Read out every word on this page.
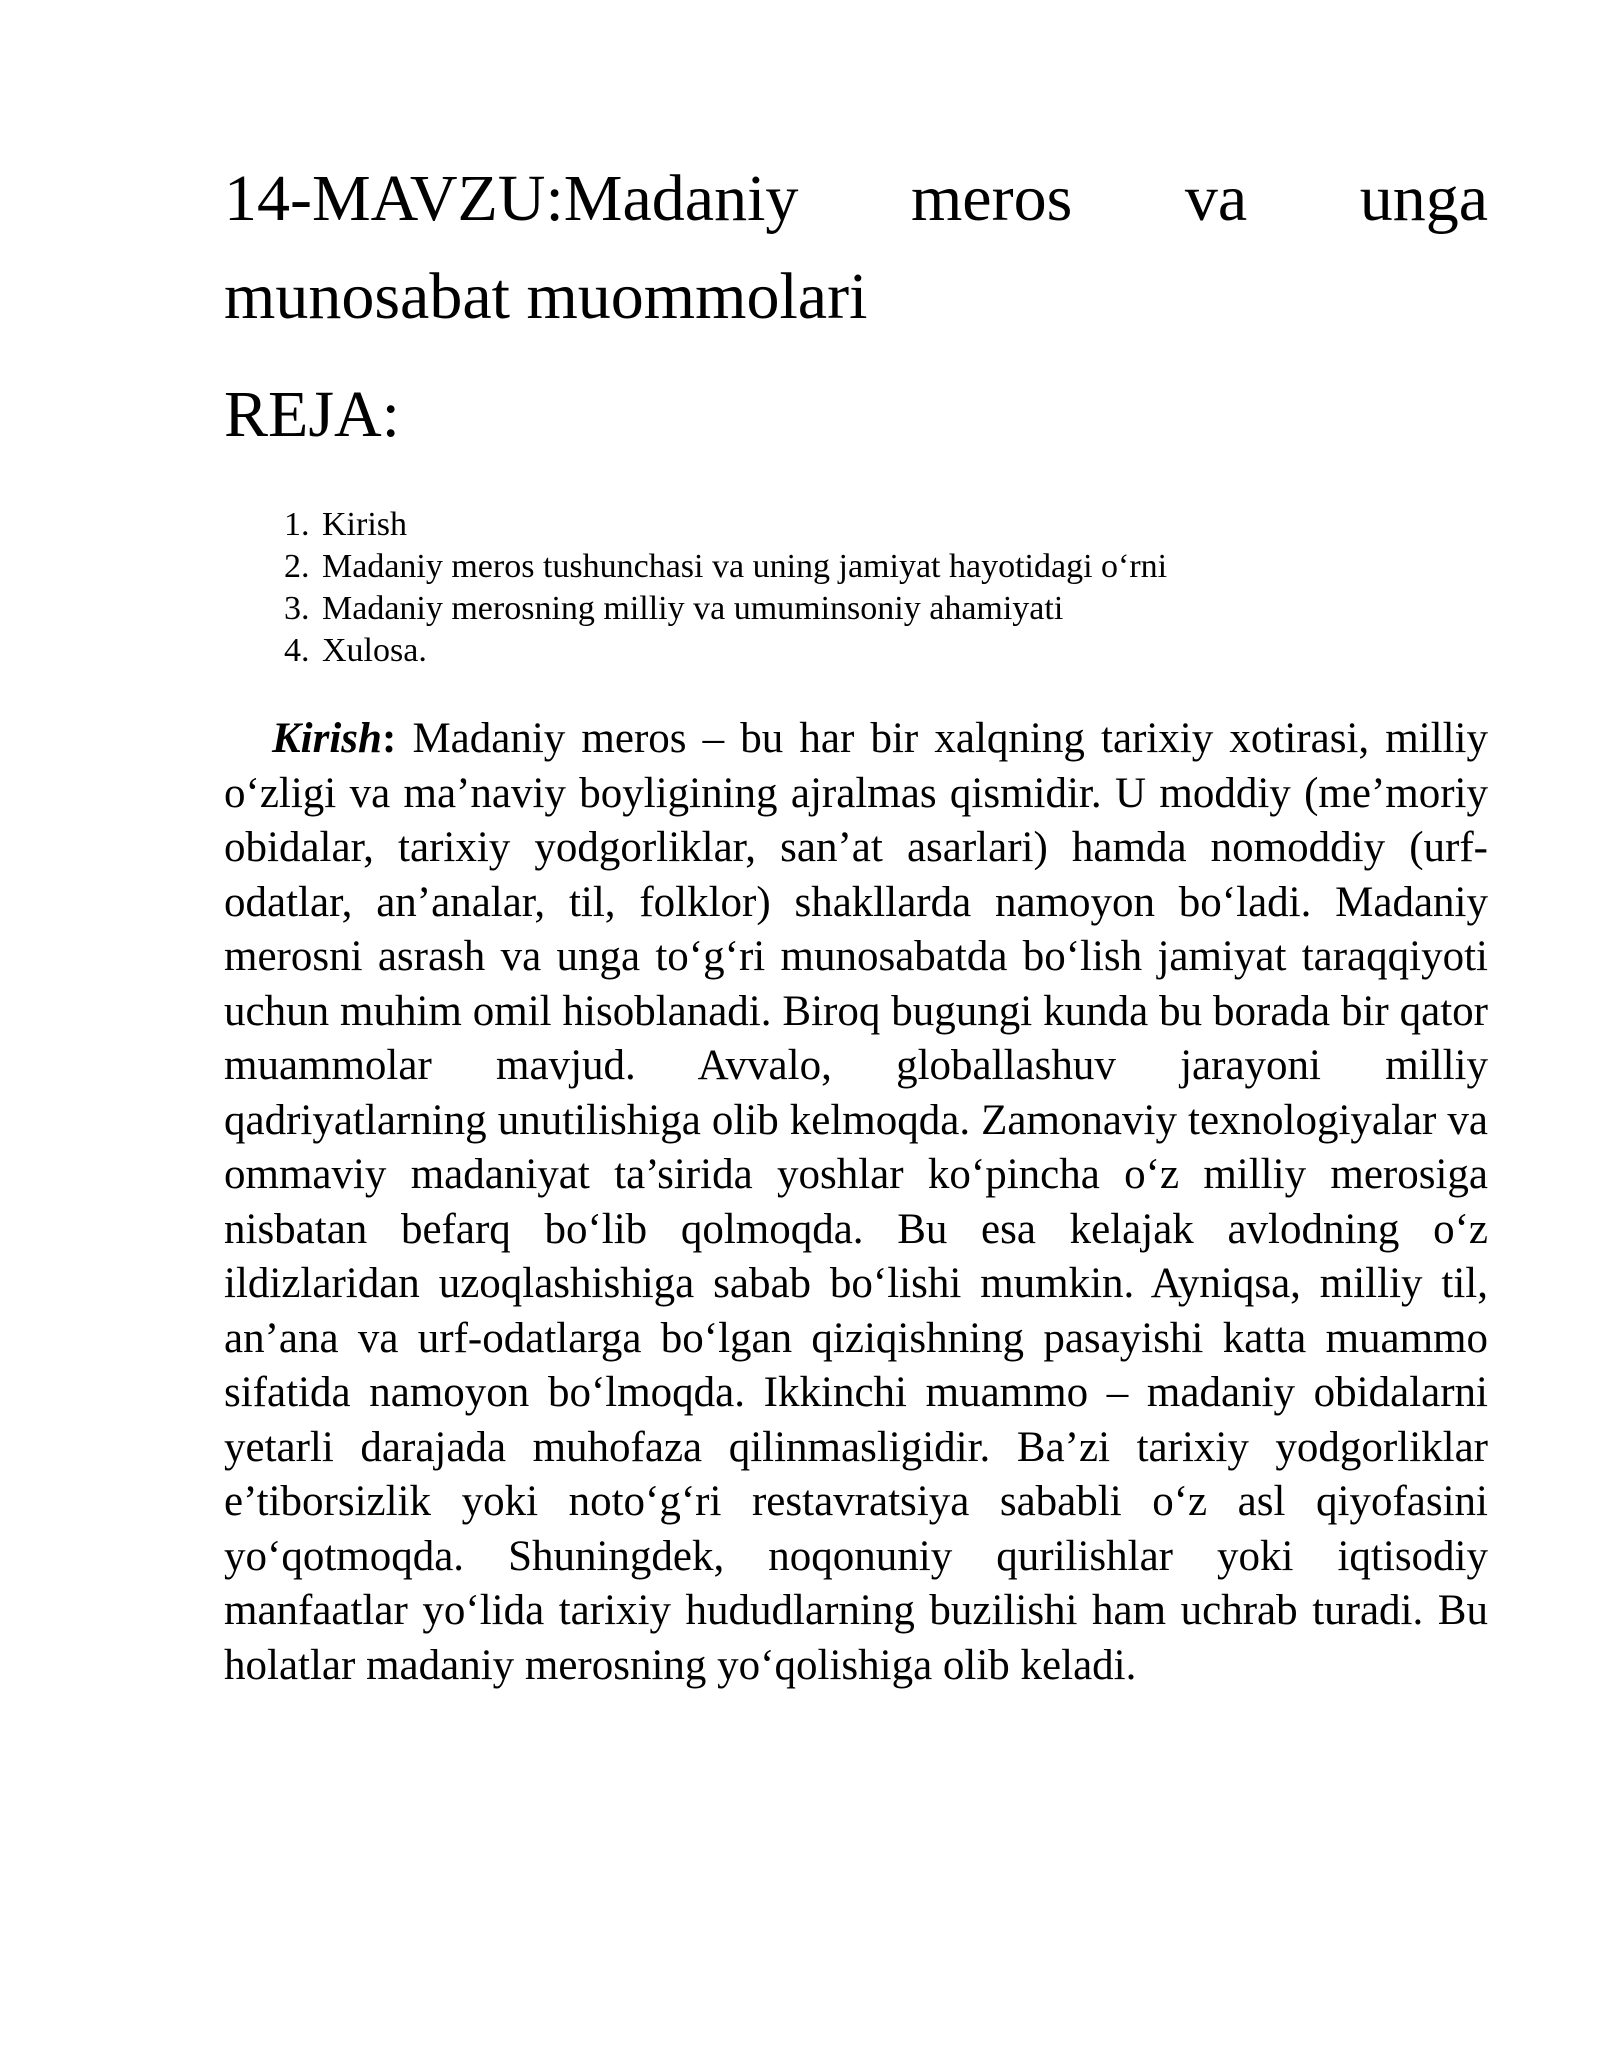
14-MAVZU:Madaniy meros va unga munosabat muommolari
REJA:
1. Kirish
2. Madaniy meros tushunchasi va uning jamiyat hayotidagi o‘rni
3. Madaniy merosning milliy va umuminsoniy ahamiyati
4. Xulosa.

Kirish: Madaniy meros – bu har bir xalqning tarixiy xotirasi, milliy o‘zligi va ma’naviy boyligining ajralmas qismidir. U moddiy (me’moriy obidalar, tarixiy yodgorliklar, san’at asarlari) hamda nomoddiy (urf-odatlar, an’analar, til, folklor) shakllarda namoyon bo‘ladi. Madaniy merosni asrash va unga to‘g‘ri munosabatda bo‘lish jamiyat taraqqiyoti uchun muhim omil hisoblanadi. Biroq bugungi kunda bu borada bir qator muammolar mavjud. Avvalo, globallashuv jarayoni milliy qadriyatlarning unutilishiga olib kelmoqda. Zamonaviy texnologiyalar va ommaviy madaniyat ta’sirida yoshlar ko‘pincha o‘z milliy merosiga nisbatan befarq bo‘lib qolmoqda. Bu esa kelajak avlodning o‘z ildizlaridan uzoqlashishiga sabab bo‘lishi mumkin. Ayniqsa, milliy til, an’ana va urf-odatlarga bo‘lgan qiziqishning pasayishi katta muammo sifatida namoyon bo‘lmoqda. Ikkinchi muammo – madaniy obidalarni yetarli darajada muhofaza qilinmasligidir. Ba’zi tarixiy yodgorliklar e’tiborsizlik yoki noto‘g‘ri restavratsiya sababli o‘z asl qiyofasini yo‘qotmoqda. Shuningdek, noqonuniy qurilishlar yoki iqtisodiy manfaatlar yo‘lida tarixiy hududlarning buzilishi ham uchrab turadi. Bu holatlar madaniy merosning yo‘qolishiga olib keladi.
